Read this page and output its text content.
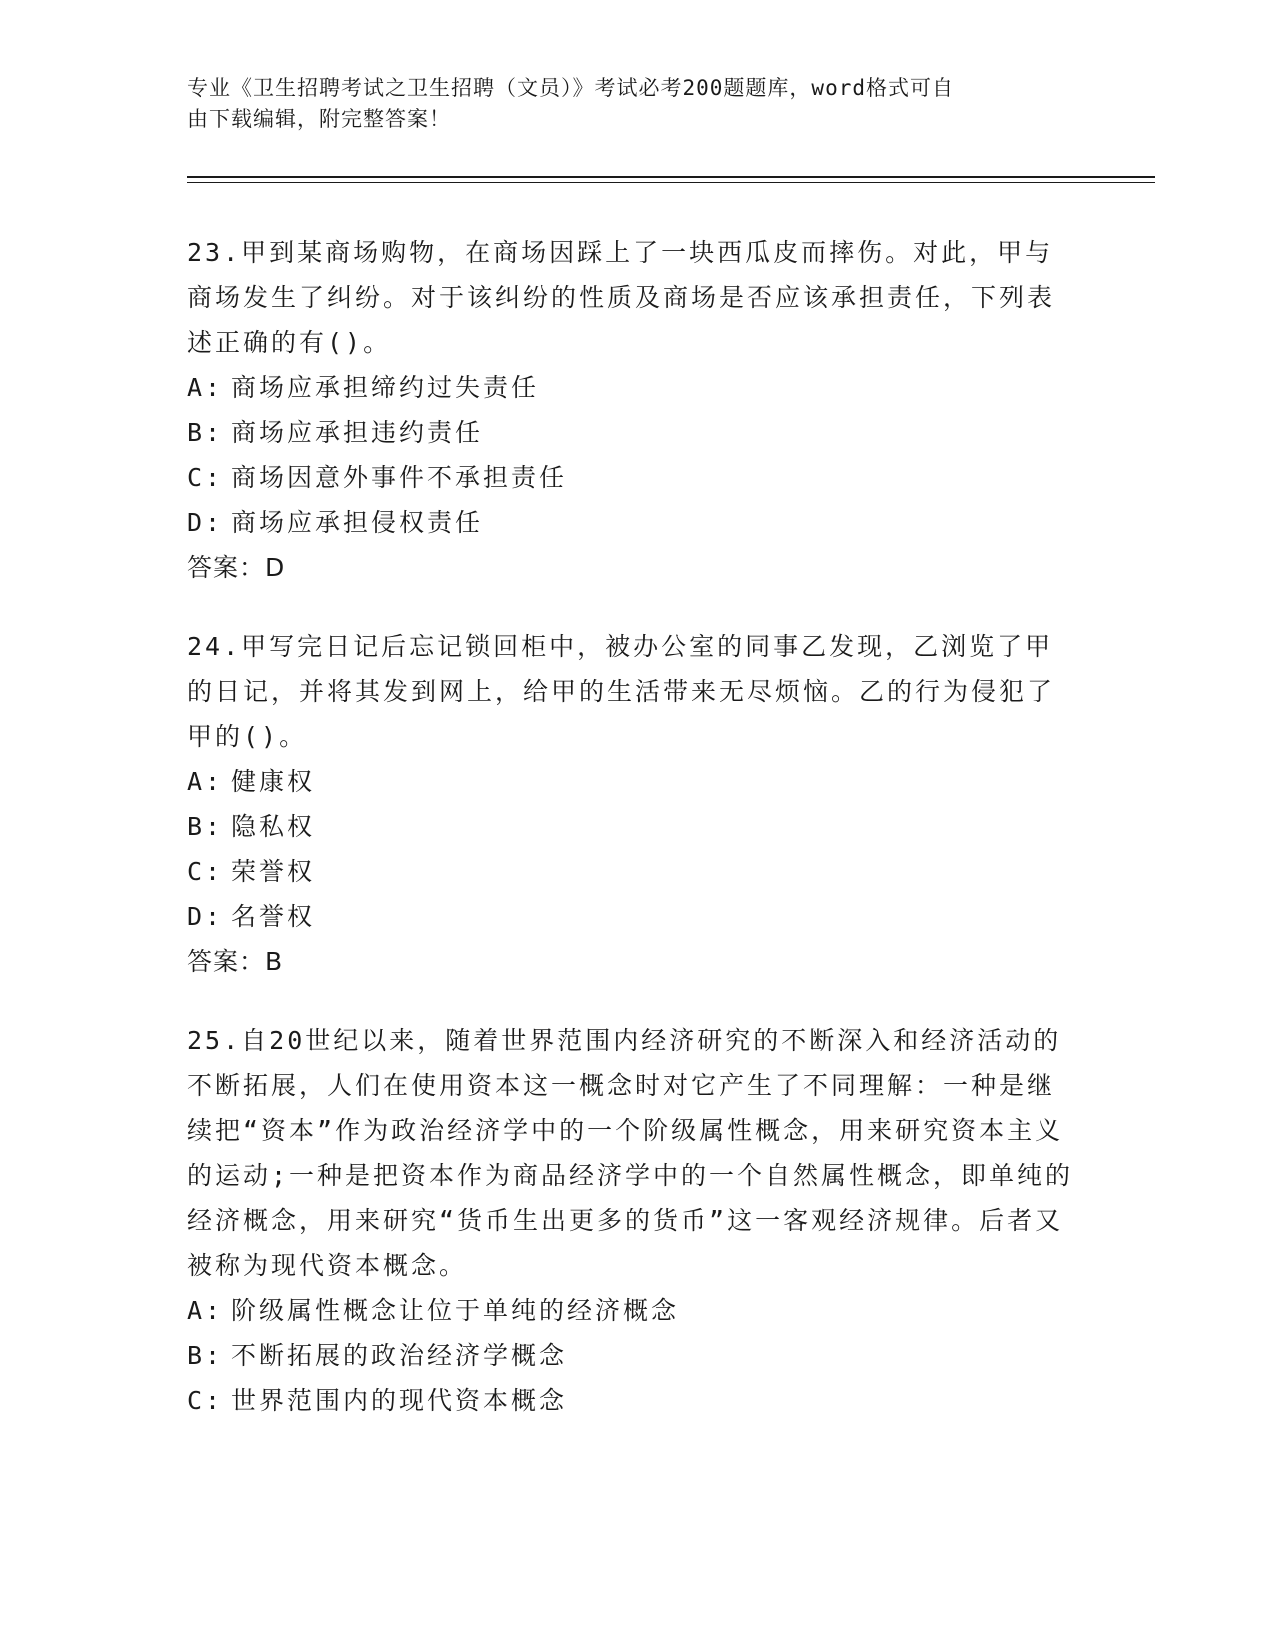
专业《卫生招聘考试之卫生招聘（文员）》考试必考200题题库，word格式可自
由下载编辑，附完整答案！

23.甲到某商场购物，在商场因踩上了一块西瓜皮而摔伤。对此，甲与商场发生了纠纷。对于该纠纷的性质及商场是否应该承担责任，下列表述正确的有()。

A: 商场应承担缔约过失责任
B: 商场应承担违约责任
C: 商场因意外事件不承担责任
D: 商场应承担侵权责任

答案：D

24.甲写完日记后忘记锁回柜中，被办公室的同事乙发现，乙浏览了甲的日记，并将其发到网上，给甲的生活带来无尽烦恼。乙的行为侵犯了甲的()。

A: 健康权
B: 隐私权
C: 荣誉权
D: 名誉权

答案：B

25.自20世纪以来，随着世界范围内经济研究的不断深入和经济活动的不断拓展，人们在使用资本这一概念时对它产生了不同理解：一种是继续把“资本”作为政治经济学中的一个阶级属性概念，用来研究资本主义的运动;一种是把资本作为商品经济学中的一个自然属性概念，即单纯的经济概念，用来研究“货币生出更多的货币”这一客观经济规律。后者又被称为现代资本概念。

A: 阶级属性概念让位于单纯的经济概念
B: 不断拓展的政治经济学概念
C: 世界范围内的现代资本概念
